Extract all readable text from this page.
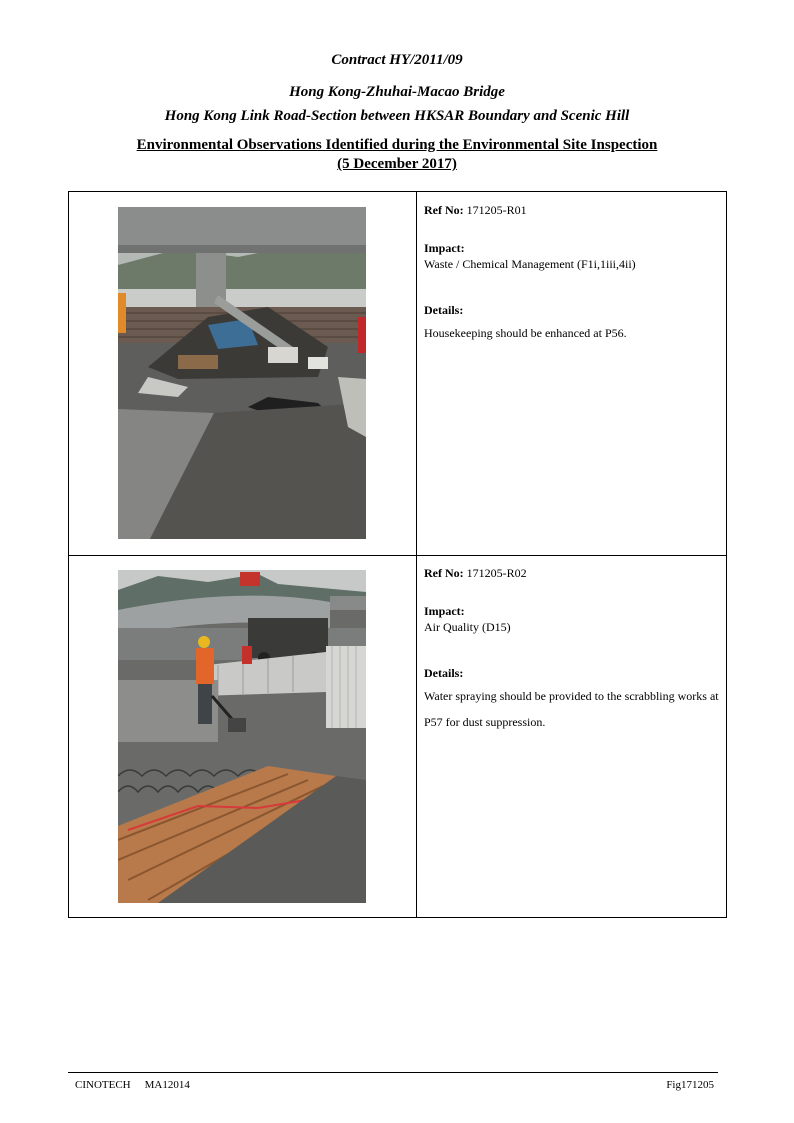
Contract HY/2011/09
Hong Kong-Zhuhai-Macao Bridge
Hong Kong Link Road-Section between HKSAR Boundary and Scenic Hill
Environmental Observations Identified during the Environmental Site Inspection
(5 December 2017)
Ref No: 171205-R01
Impact:
Waste / Chemical Management (F1i,1iii,4ii)
Details:
Housekeeping should be enhanced at P56.
Ref No: 171205-R02
Impact:
Air Quality (D15)
Details:
Water spraying should be provided to the scrabbling works at P57 for dust suppression.
CINOTECH MA12014	Fig171205
